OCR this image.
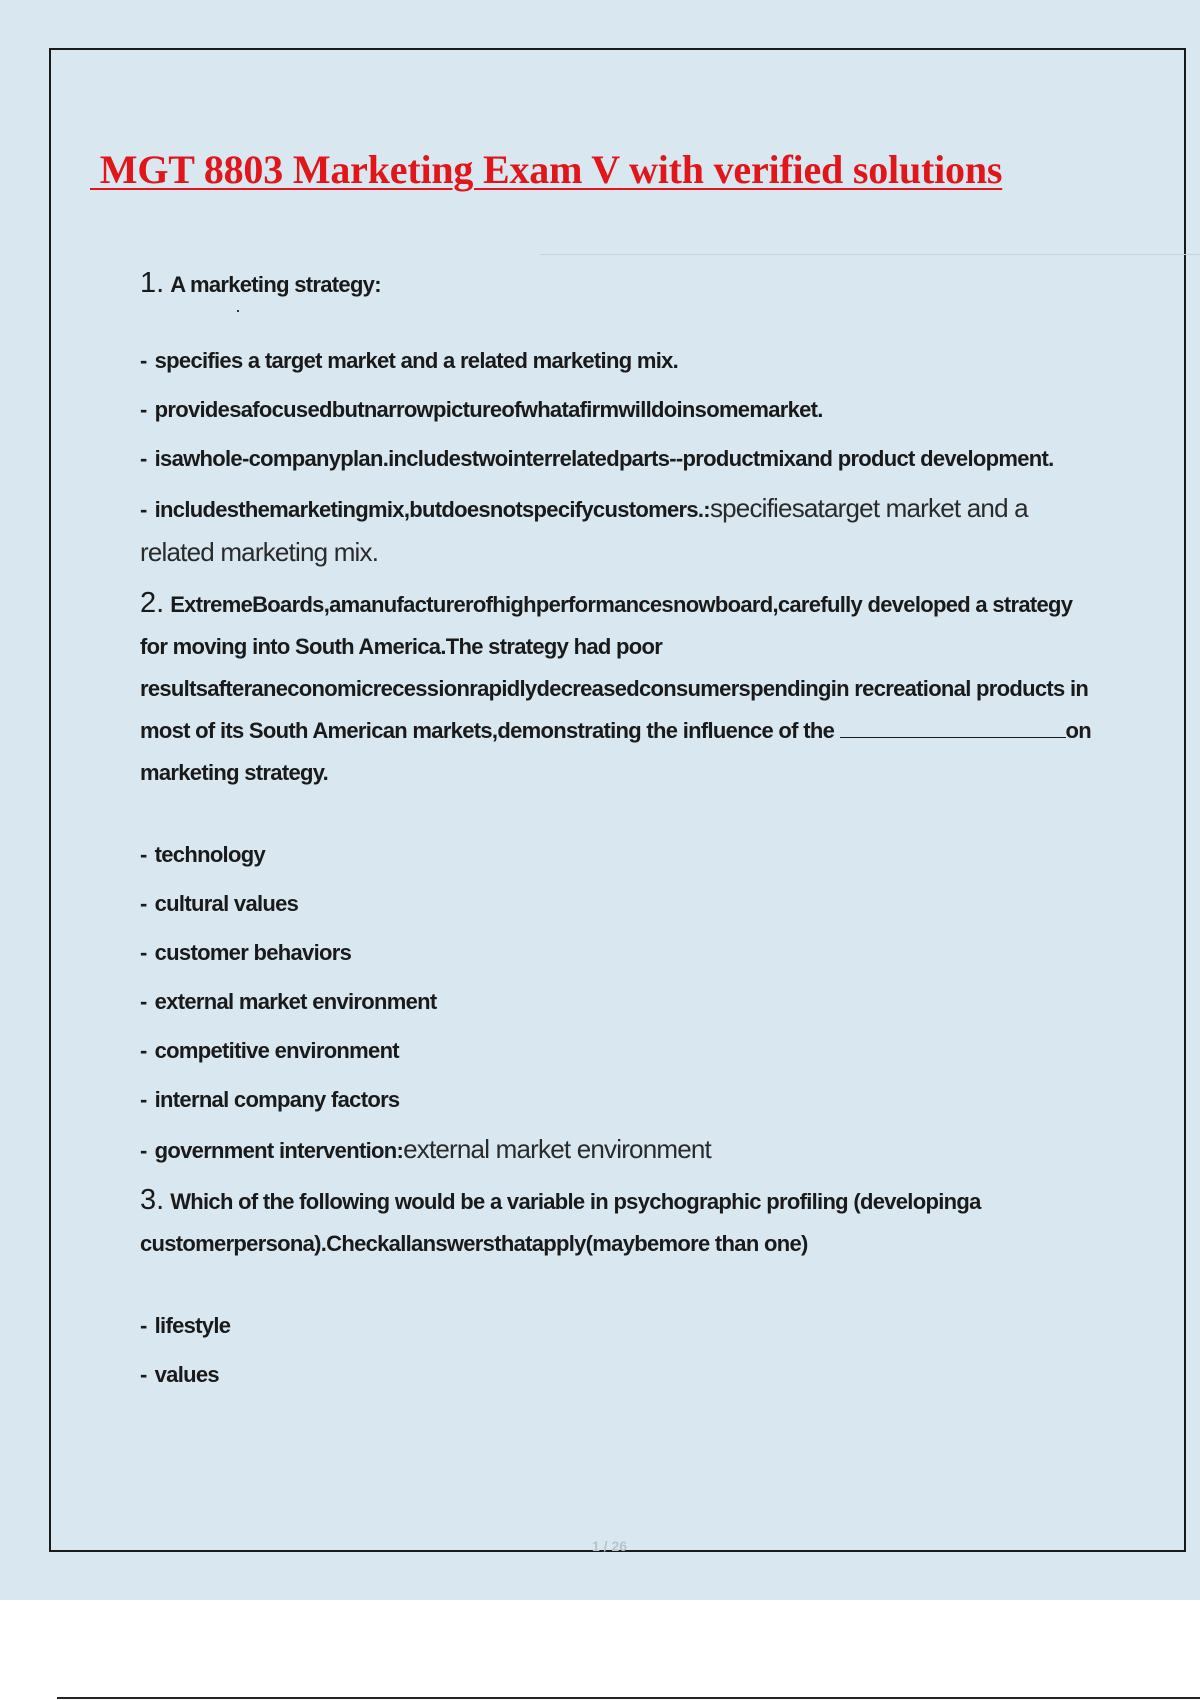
MGT 8803 Marketing Exam V with verified solutions

1. A marketing strategy:

- specifies a target market and a related marketing mix.

- providesafocusedbutnarrowpictureofwhatafirmwilldoinsomemarket.

- isawhole-companyplan.includestwointerrelatedparts--productmixand product development.

- includesthemarketingmix,butdoesnotspecifycustomers.:specifiesatarget market and a related marketing mix.

2. ExtremeBoards,amanufacturerofhighperformancesnowboard,carefully developed a strategy for moving into South America.The strategy had poor resultsafteraneconomicrecessionrapidlydecreasedconsumerspendingin recreational products in most of its South American markets,demonstrating the influence of the	on marketing strategy.

- technology

- cultural values

- customer behaviors

- external market environment

- competitive environment

- internal company factors

- government intervention:external market environment

3. Which of the following would be a variable in psychographic profiling (developinga customerpersona).Checkallanswersthatapply(maybemore than one)

- lifestyle

- values

1 / 26
